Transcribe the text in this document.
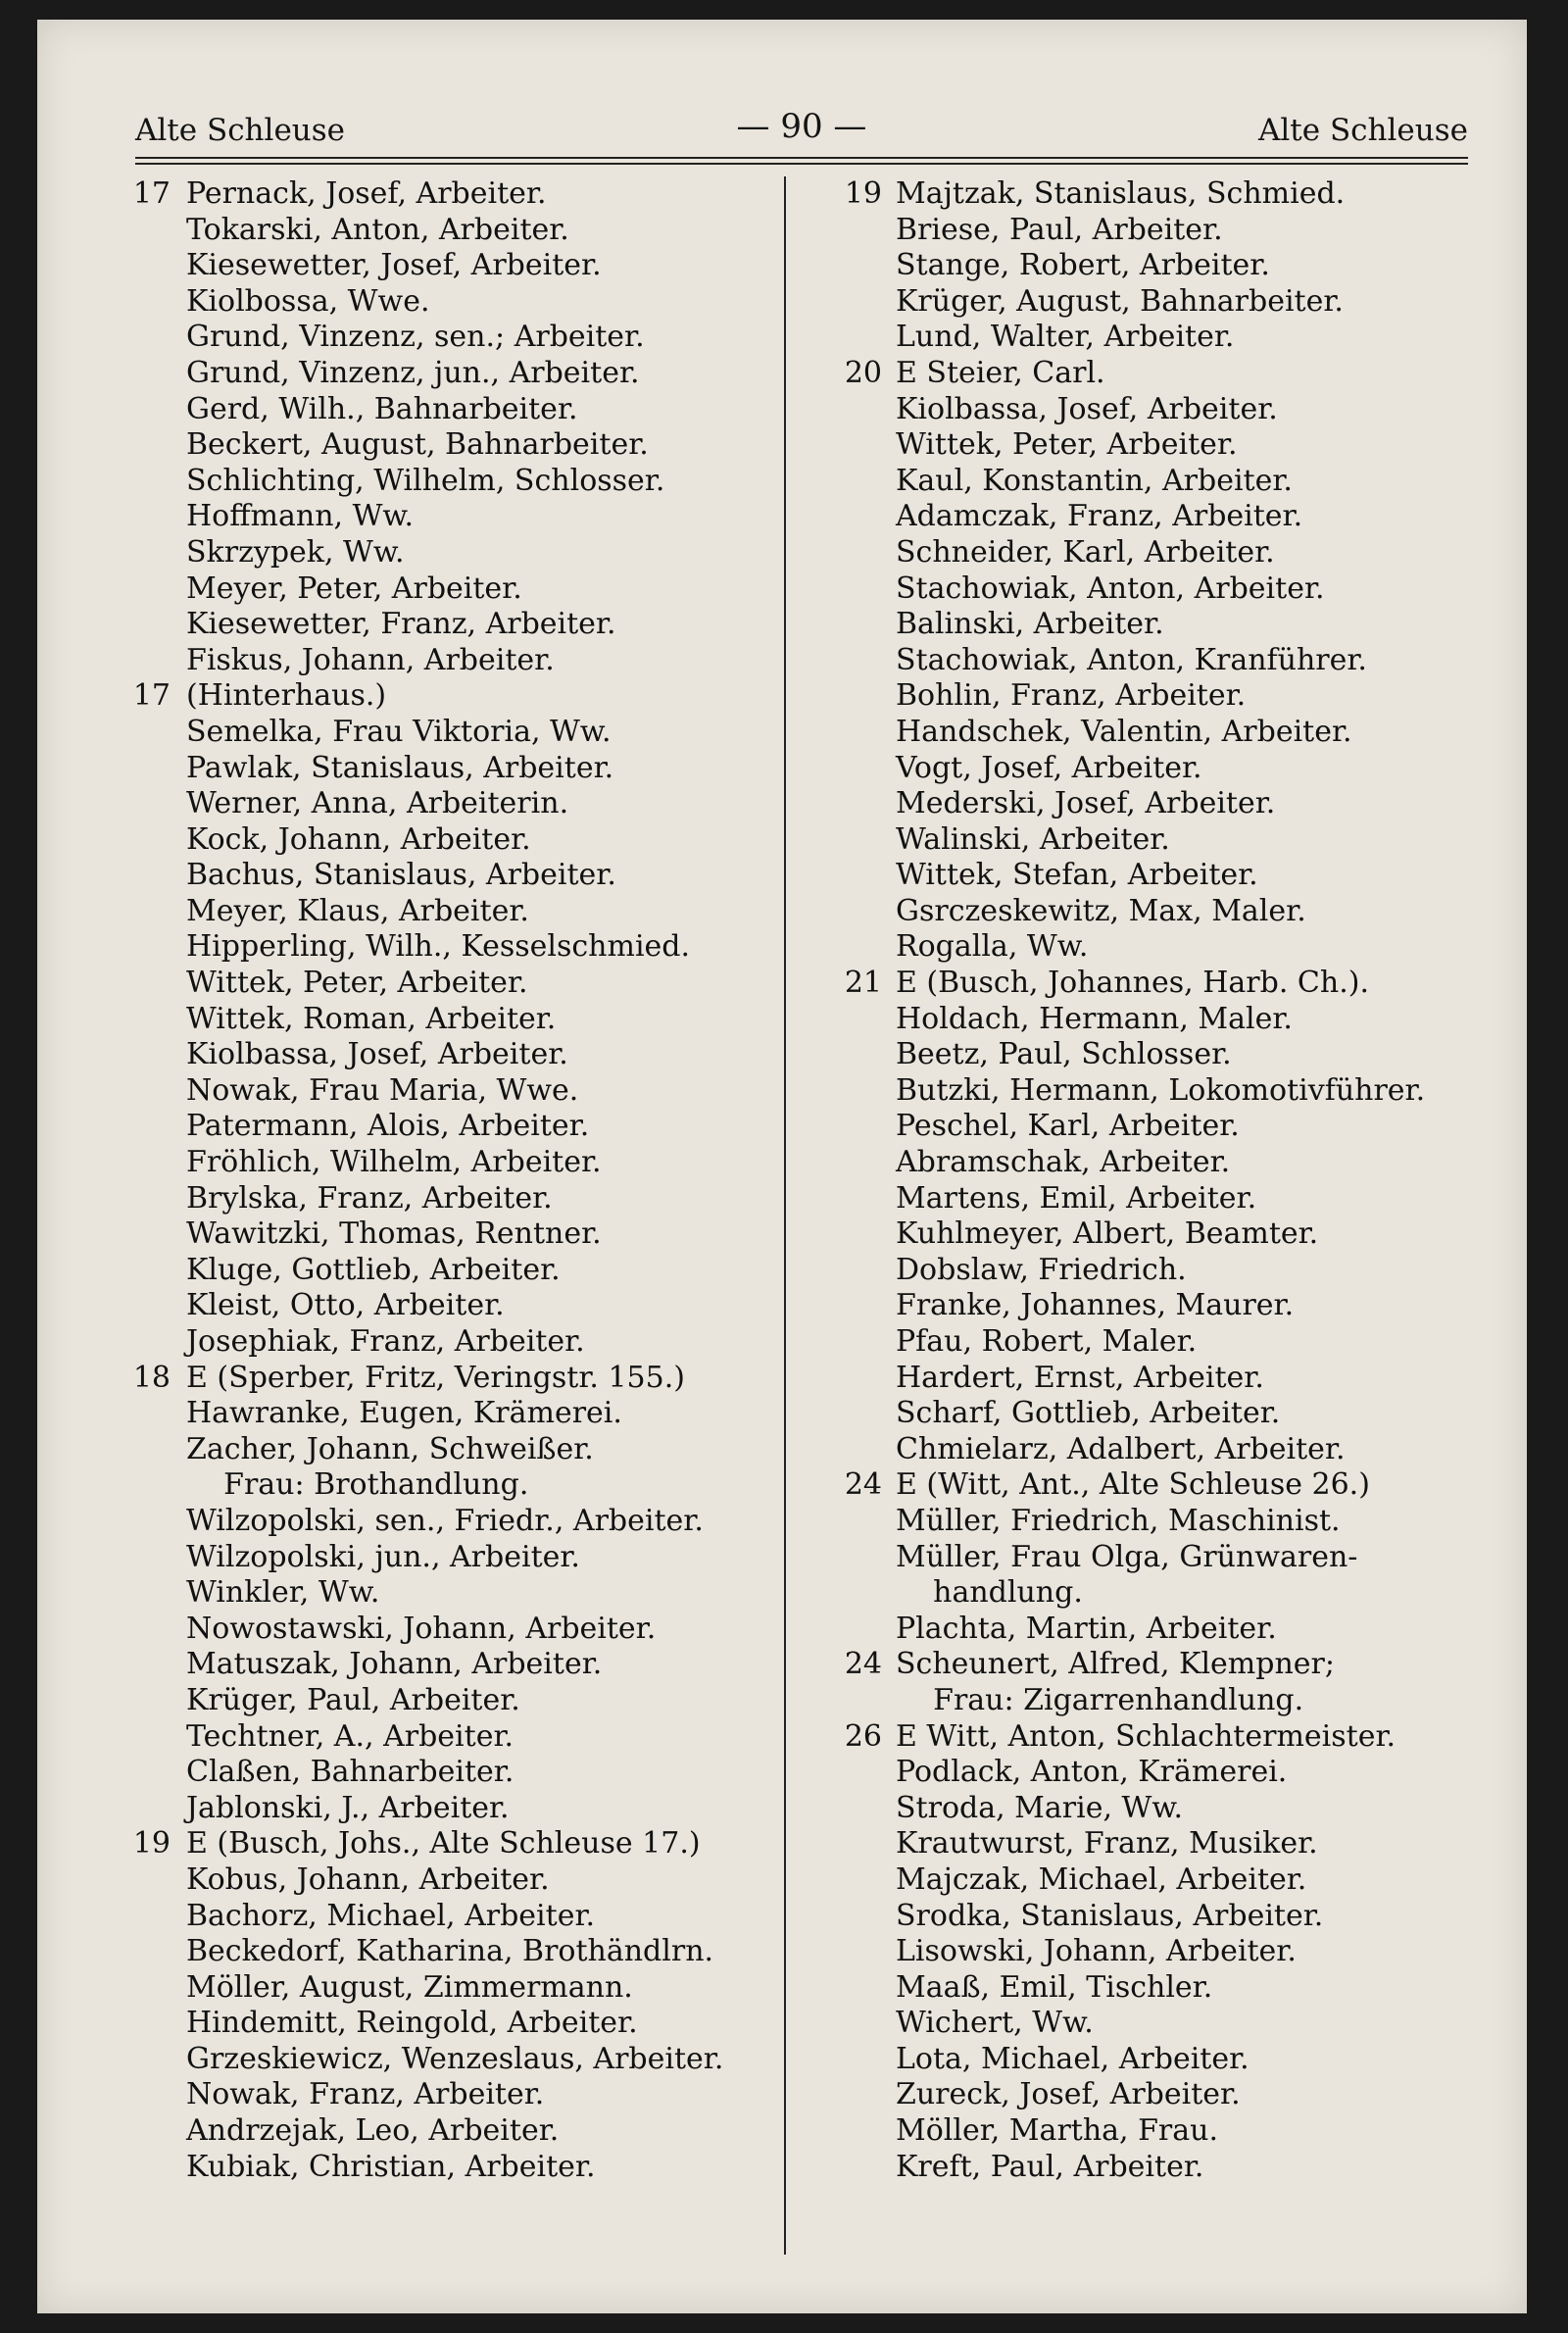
Alte Schleuse	— 90 —	Alte Schleuse
17 Pernack, Josef, Arbeiter.
Tokarski, Anton, Arbeiter.
Kiesewetter, Josef, Arbeiter.
Kiolbossa, Wwe.
Grund, Vinzenz, sen.; Arbeiter.
Grund, Vinzenz, jun., Arbeiter.
Gerd, Wilh., Bahnarbeiter.
Beckert, August, Bahnarbeiter.
Schlichting, Wilhelm, Schlosser.
Hoffmann, Ww.
Skrzypek, Ww.
Meyer, Peter, Arbeiter.
Kiesewetter, Franz, Arbeiter.
Fiskus, Johann, Arbeiter.
17 (Hinterhaus.)
Semelka, Frau Viktoria, Ww.
Pawlak, Stanislaus, Arbeiter.
Werner, Anna, Arbeiterin.
Kock, Johann, Arbeiter.
Bachus, Stanislaus, Arbeiter.
Meyer, Klaus, Arbeiter.
Hipperling, Wilh., Kesselschmied.
Wittek, Peter, Arbeiter.
Wittek, Roman, Arbeiter.
Kiolbassa, Josef, Arbeiter.
Nowak, Frau Maria, Wwe.
Patermann, Alois, Arbeiter.
Fröhlich, Wilhelm, Arbeiter.
Brylska, Franz, Arbeiter.
Wawitzki, Thomas, Rentner.
Kluge, Gottlieb, Arbeiter.
Kleist, Otto, Arbeiter.
Josephiak, Franz, Arbeiter.
18 E (Sperber, Fritz, Veringstr. 155.)
Hawranke, Eugen, Krämerei.
Zacher, Johann, Schweißer.
Frau: Brothandlung.
Wilzopolski, sen., Friedr., Arbeiter.
Wilzopolski, jun., Arbeiter.
Winkler, Ww.
Nowostawski, Johann, Arbeiter.
Matuszak, Johann, Arbeiter.
Krüger, Paul, Arbeiter.
Techtner, A., Arbeiter.
Claßen, Bahnarbeiter.
Jablonski, J., Arbeiter.
19 E (Busch, Johs., Alte Schleuse 17.)
Kobus, Johann, Arbeiter.
Bachorz, Michael, Arbeiter.
Beckedorf, Katharina, Brothändlrn.
Möller, August, Zimmermann.
Hindemitt, Reingold, Arbeiter.
Grzeskiewicz, Wenzeslaus, Arbeiter.
Nowak, Franz, Arbeiter.
Andrzejak, Leo, Arbeiter.
Kubiak, Christian, Arbeiter.
19 Majtzak, Stanislaus, Schmied.
Briese, Paul, Arbeiter.
Stange, Robert, Arbeiter.
Krüger, August, Bahnarbeiter.
Lund, Walter, Arbeiter.
20 E Steier, Carl.
Kiolbassa, Josef, Arbeiter.
Wittek, Peter, Arbeiter.
Kaul, Konstantin, Arbeiter.
Adamczak, Franz, Arbeiter.
Schneider, Karl, Arbeiter.
Stachowiak, Anton, Arbeiter.
Balinski, Arbeiter.
Stachowiak, Anton, Kranführer.
Bohlin, Franz, Arbeiter.
Handschek, Valentin, Arbeiter.
Vogt, Josef, Arbeiter.
Mederski, Josef, Arbeiter.
Walinski, Arbeiter.
Wittek, Stefan, Arbeiter.
Gsrczeskewitz, Max, Maler.
Rogalla, Ww.
21 E (Busch, Johannes, Harb. Ch.).
Holdach, Hermann, Maler.
Beetz, Paul, Schlosser.
Butzki, Hermann, Lokomotivführer.
Peschel, Karl, Arbeiter.
Abramschak, Arbeiter.
Martens, Emil, Arbeiter.
Kuhlmeyer, Albert, Beamter.
Dobslaw, Friedrich.
Franke, Johannes, Maurer.
Pfau, Robert, Maler.
Hardert, Ernst, Arbeiter.
Scharf, Gottlieb, Arbeiter.
Chmielarz, Adalbert, Arbeiter.
24 E (Witt, Ant., Alte Schleuse 26.)
Müller, Friedrich, Maschinist.
Müller, Frau Olga, Grünwaren-
handlung.
Plachta, Martin, Arbeiter.
24 Scheunert, Alfred, Klempner;
Frau: Zigarrenhandlung.
26 E Witt, Anton, Schlachtermeister.
Podlack, Anton, Krämerei.
Stroda, Marie, Ww.
Krautwurst, Franz, Musiker.
Majczak, Michael, Arbeiter.
Srodka, Stanislaus, Arbeiter.
Lisowski, Johann, Arbeiter.
Maaß, Emil, Tischler.
Wichert, Ww.
Lota, Michael, Arbeiter.
Zureck, Josef, Arbeiter.
Möller, Martha, Frau.
Kreft, Paul, Arbeiter.
